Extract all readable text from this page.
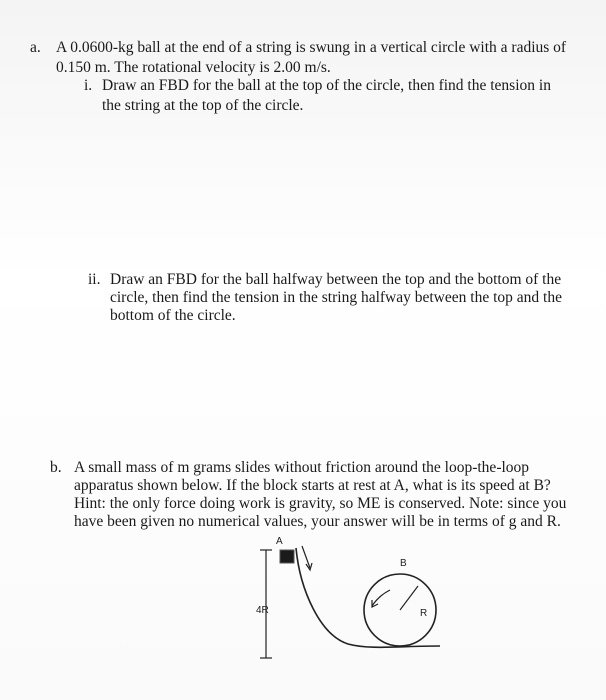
a. A 0.0600-kg ball at the end of a string is swung in a vertical circle with a radius of
0.150 m. The rotational velocity is 2.00 m/s.
i. Draw an FBD for the ball at the top of the circle, then find the tension in
the string at the top of the circle.
ii. Draw an FBD for the ball halfway between the top and the bottom of the
circle, then find the tension in the string halfway between the top and the
bottom of the circle.
b. A small mass of m grams slides without friction around the loop-the-loop
apparatus shown below. If the block starts at rest at A, what is its speed at B?
Hint: the only force doing work is gravity, so ME is conserved. Note: since you
have been given no numerical values, your answer will be in terms of g and R.
A
4R
B
R
